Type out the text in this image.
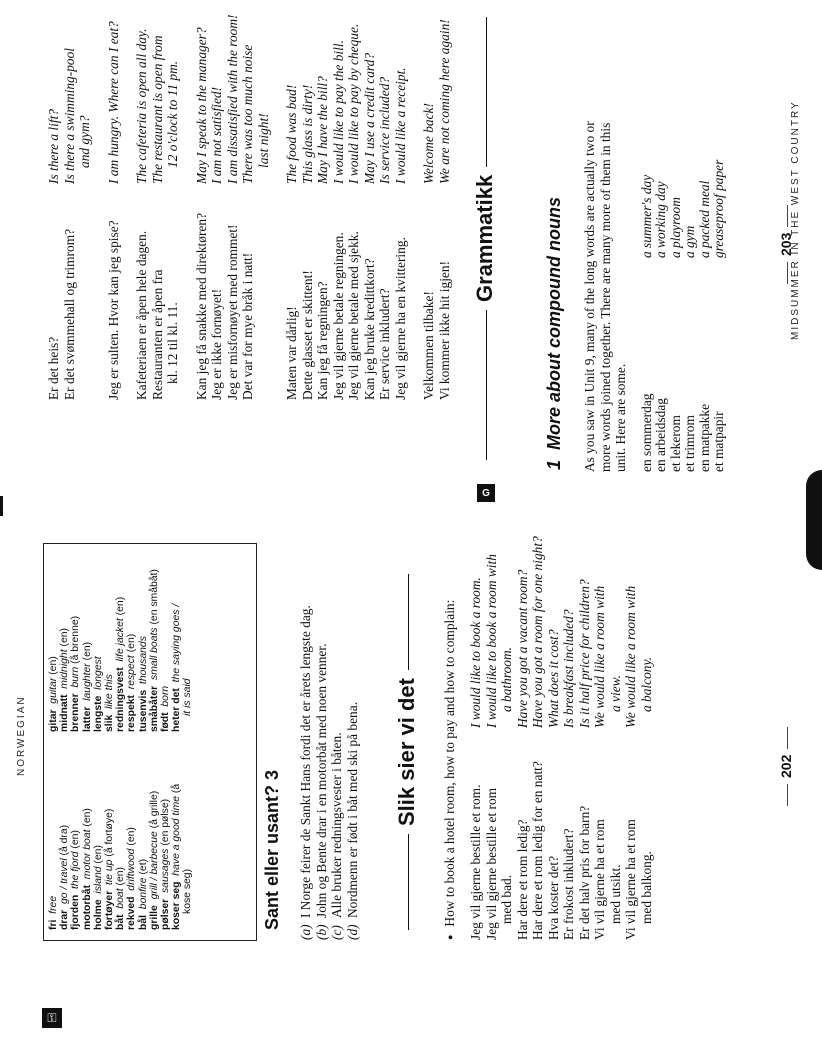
NORWEGIAN	202
⚿
fri  free
drar  go / travel (å dra)
fjorden  the fjord (en)
motorbåt  motor boat (en)
holme  island (en)
fortøyer  tie up (å fortøye)
båt  boat (en)
rekved  driftwood (en)
bål  bonfire (et)
grille  grill / barbecue (å grille)
pølser  sausages (en pølse)
koser seg  have a good time (å
kose seg)
gitar  guitar (en)
midnatt  midnight (en)
brenner  burn (å brenne)
latter  laughter (en)
lengste  longest
slik  like this redningsvest  life jacket (en)
respekt  respect (en)
tusenvis  thousands
småbåter  small boats (en småbåt)
født  born heter det  the saying goes /
it is said
Sant eller usant? 3
(a)I Norge feirer de Sankt Hans fordi det er årets lengste dag.
(b)John og Bente drar i en motorbåt med noen venner.
(c)Alle bruker redningsvester i båten.
(d)Nordmenn er født i båt med ski på bena. Slik sier vi det
● How to book a hotel room, how to pay and how to complain: Jeg vil gjerne bestille et rom.
I would like to book a room.
Jeg vil gjerne bestille et rom
I would like to book a room with
med bad.
a bathroom.
Har dere et rom ledig?
Have you got a vacant room?
Har dere et rom ledig for en natt?
Have you got a room for one night?
Hva koster det?
What does it cost?
Er frokost inkludert?
Is breakfast included?
Er det halv pris for barn?
Is it half price for children?
Vi vil gjerne ha et rom
We would like a room with
med utsikt.
a view.
Vi vil gjerne ha et rom
We would like a room with
med balkong.
a balcony.
MIDSUMMER IN THE WEST COUNTRY
203
Er det heis?
Is there a lift?
Er det svømmehall og trimrom?
Is there a swimming-pool and gym?
Jeg er sulten. Hvor kan jeg spise?
I am hungry. Where can I eat?
Kafeteriaen er åpen hele dagen.
The cafeteria is open all day.
Restauranten er åpen fra
The restaurant is open from
kl. 12 til kl. 11.
12 o'clock to 11 pm.
Kan jeg få snakke med direktøren?
May I speak to the manager?
Jeg er ikke fornøyet!
I am not satisfied!
Jeg er misfornøyet med rommet!
I am dissatisfied with the room!
Det var for mye bråk i natt!
There was too much noise last night!
Maten var dårlig!
The food was bad!
Dette glasset er skittent!
This glass is dirty!
Kan jeg få regningen?
May I have the bill?
Jeg vil gjerne betale regningen.
I would like to pay the bill.
Jeg vil gjerne betale med sjekk.
I would like to pay by cheque.
Kan jeg bruke kredittkort?
May I use a credit card?
Er service inkludert?
Is service included?
Jeg vil gjerne ha en kvittering.
I would like a receipt.
Velkommen tilbake!
Welcome back!
Vi kommer ikke hit igjen!
We are not coming here again!
G
Grammatikk
1  More about compound nouns As you saw in Unit 9, many of the long words are actually two or more words joined together. There are many more of them in this unit. Here are some. en sommerdag
a summer's day
en arbeidsdag
a working day
et lekerom
a playroom
et trimrom
a gym
en matpakke
a packed meal
et matpapir
greaseproof paper
